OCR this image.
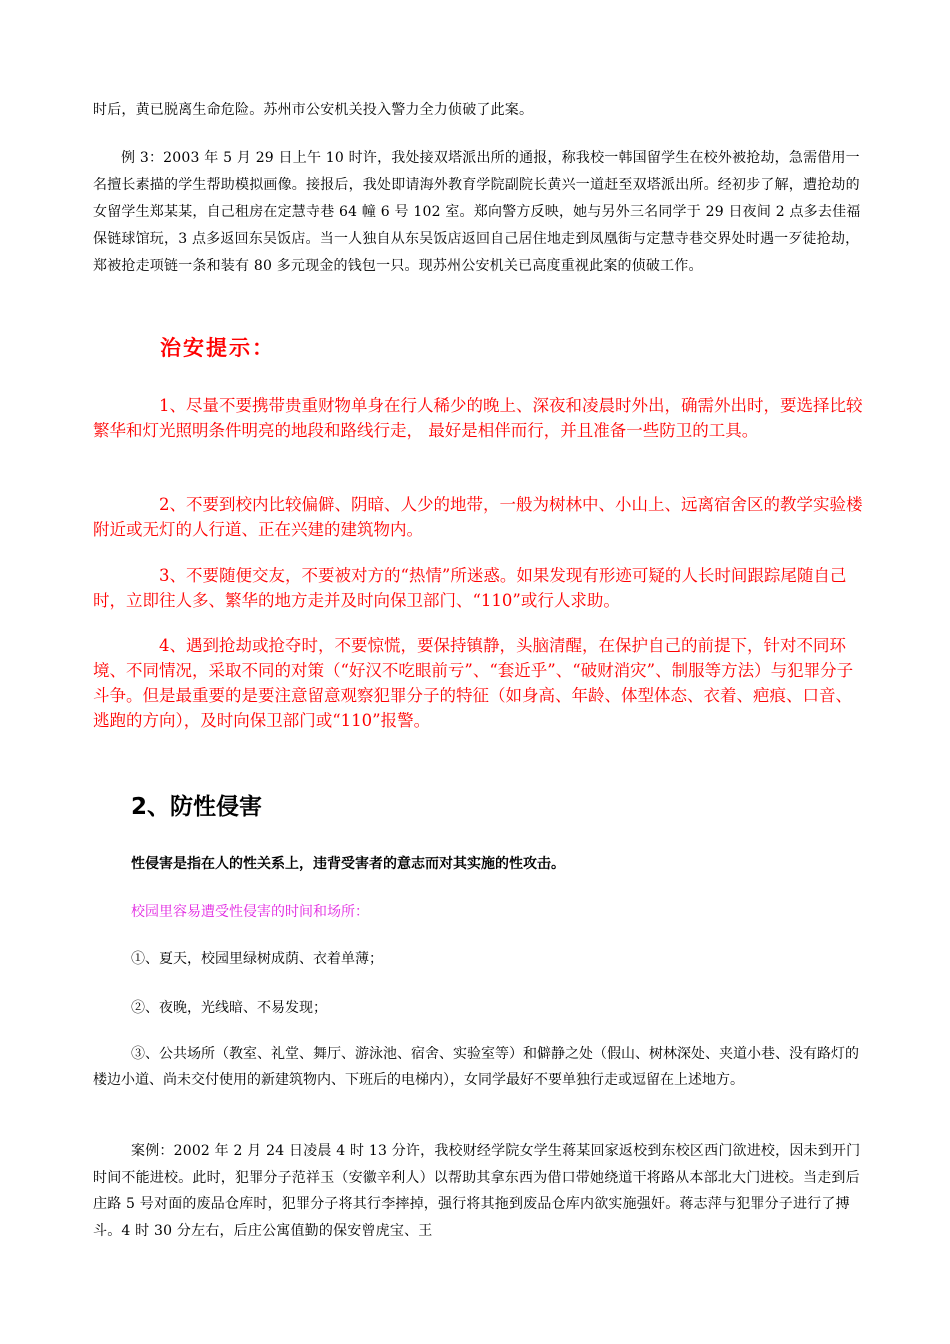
时后，黄已脱离生命危险。苏州市公安机关投入警力全力侦破了此案。

例 3：2003 年 5 月 29 日上午 10 时许，我处接双塔派出所的通报，称我校一韩国留学生在校外被抢劫，急需借用一名擅长素描的学生帮助模拟画像。接报后，我处即请海外教育学院副院长黄兴一道赶至双塔派出所。经初步了解，遭抢劫的女留学生郑某某，自己租房在定慧寺巷 64 幢 6 号 102 室。郑向警方反映，她与另外三名同学于 29 日夜间 2 点多去佳福保链球馆玩，3 点多返回东吴饭店。当一人独自从东吴饭店返回自己居住地走到凤凰街与定慧寺巷交界处时遇一歹徒抢劫，郑被抢走项链一条和装有 80 多元现金的钱包一只。现苏州公安机关已高度重视此案的侦破工作。

治安提示：

1、尽量不要携带贵重财物单身在行人稀少的晚上、深夜和凌晨时外出，确需外出时，要选择比较繁华和灯光照明条件明亮的地段和路线行走， 最好是相伴而行，并且准备一些防卫的工具。

2、不要到校内比较偏僻、阴暗、人少的地带，一般为树林中、小山上、远离宿舍区的教学实验楼附近或无灯的人行道、正在兴建的建筑物内。

3、不要随便交友，不要被对方的“热情”所迷惑。如果发现有形迹可疑的人长时间跟踪尾随自己时，立即往人多、繁华的地方走并及时向保卫部门、“110”或行人求助。

4、遇到抢劫或抢夺时，不要惊慌，要保持镇静，头脑清醒，在保护自己的前提下，针对不同环境、不同情况，采取不同的对策（“好汉不吃眼前亏”、“套近乎”、“破财消灾”、制服等方法）与犯罪分子斗争。但是最重要的是要注意留意观察犯罪分子的特征（如身高、年龄、体型体态、衣着、疤痕、口音、逃跑的方向），及时向保卫部门或“110”报警。

2、防性侵害

性侵害是指在人的性关系上，违背受害者的意志而对其实施的性攻击。

校园里容易遭受性侵害的时间和场所：

①、夏天，校园里绿树成荫、衣着单薄；

②、夜晚，光线暗、不易发现；

③、公共场所（教室、礼堂、舞厅、游泳池、宿舍、实验室等）和僻静之处（假山、树林深处、夹道小巷、没有路灯的楼边小道、尚未交付使用的新建筑物内、下班后的电梯内），女同学最好不要单独行走或逗留在上述地方。

案例：2002 年 2 月 24 日凌晨 4 时 13 分许，我校财经学院女学生蒋某回家返校到东校区西门欲进校，因未到开门时间不能进校。此时，犯罪分子范祥玉（安徽辛利人）以帮助其拿东西为借口带她绕道干将路从本部北大门进校。当走到后庄路 5 号对面的废品仓库时，犯罪分子将其行李摔掉，强行将其拖到废品仓库内欲实施强奸。蒋志萍与犯罪分子进行了搏斗。4 时 30 分左右，后庄公寓值勤的保安曾虎宝、王
